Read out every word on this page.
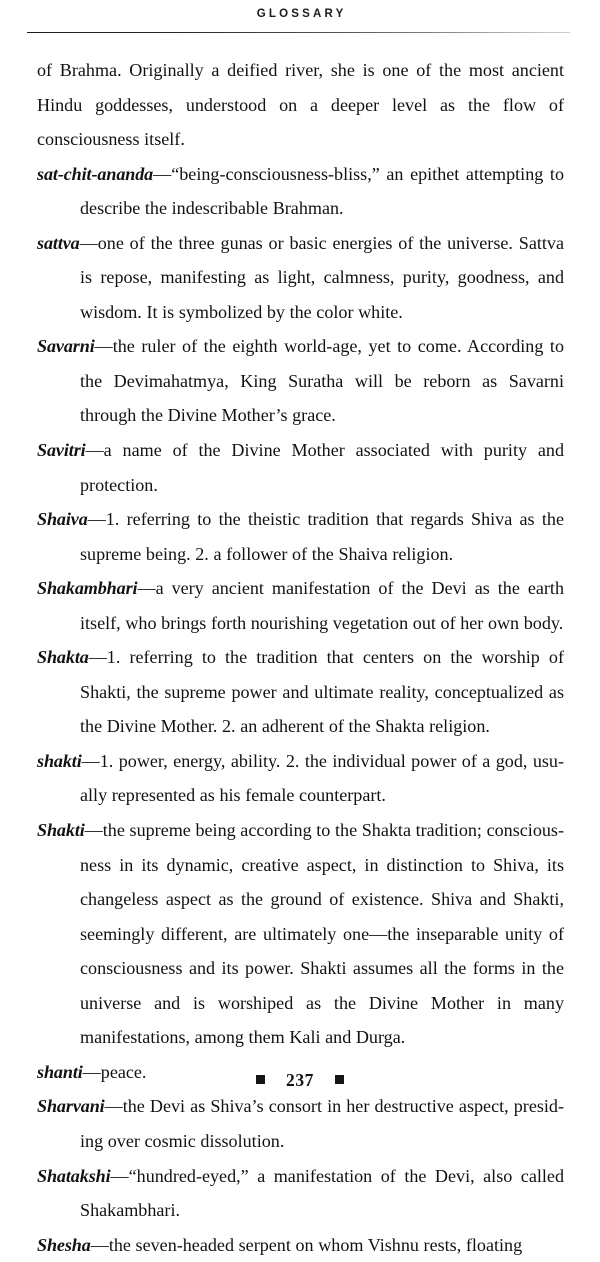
GLOSSARY

of Brahma. Originally a deified river, she is one of the most ancient Hindu goddesses, understood on a deeper level as the flow of consciousness itself.

sat-chit-ananda—“being-consciousness-bliss,” an epithet attempting to describe the indescribable Brahman.

sattva—one of the three gunas or basic energies of the universe. Sattva is repose, manifesting as light, calmness, purity, goodness, and wisdom. It is symbolized by the color white.

Savarni—the ruler of the eighth world-age, yet to come. According to the Devimahatmya, King Suratha will be reborn as Savarni through the Divine Mother’s grace.

Savitri—a name of the Divine Mother associated with purity and protection.

Shaiva—1. referring to the theistic tradition that regards Shiva as the supreme being. 2. a follower of the Shaiva religion.

Shakambhari—a very ancient manifestation of the Devi as the earth itself, who brings forth nourishing vegetation out of her own body.

Shakta—1. referring to the tradition that centers on the worship of Shakti, the supreme power and ultimate reality, conceptualized as the Divine Mother. 2. an adherent of the Shakta religion.

shakti—1. power, energy, ability. 2. the individual power of a god, usually represented as his female counterpart.

Shakti—the supreme being according to the Shakta tradition; consciousness in its dynamic, creative aspect, in distinction to Shiva, its changeless aspect as the ground of existence. Shiva and Shakti, seemingly different, are ultimately one—the inseparable unity of consciousness and its power. Shakti assumes all the forms in the universe and is worshiped as the Divine Mother in many manifestations, among them Kali and Durga.

shanti—peace.

Sharvani—the Devi as Shiva’s consort in her destructive aspect, presiding over cosmic dissolution.

Shatakshi—“hundred-eyed,” a manifestation of the Devi, also called Shakambhari.

Shesha—the seven-headed serpent on whom Vishnu rests, floating

237
